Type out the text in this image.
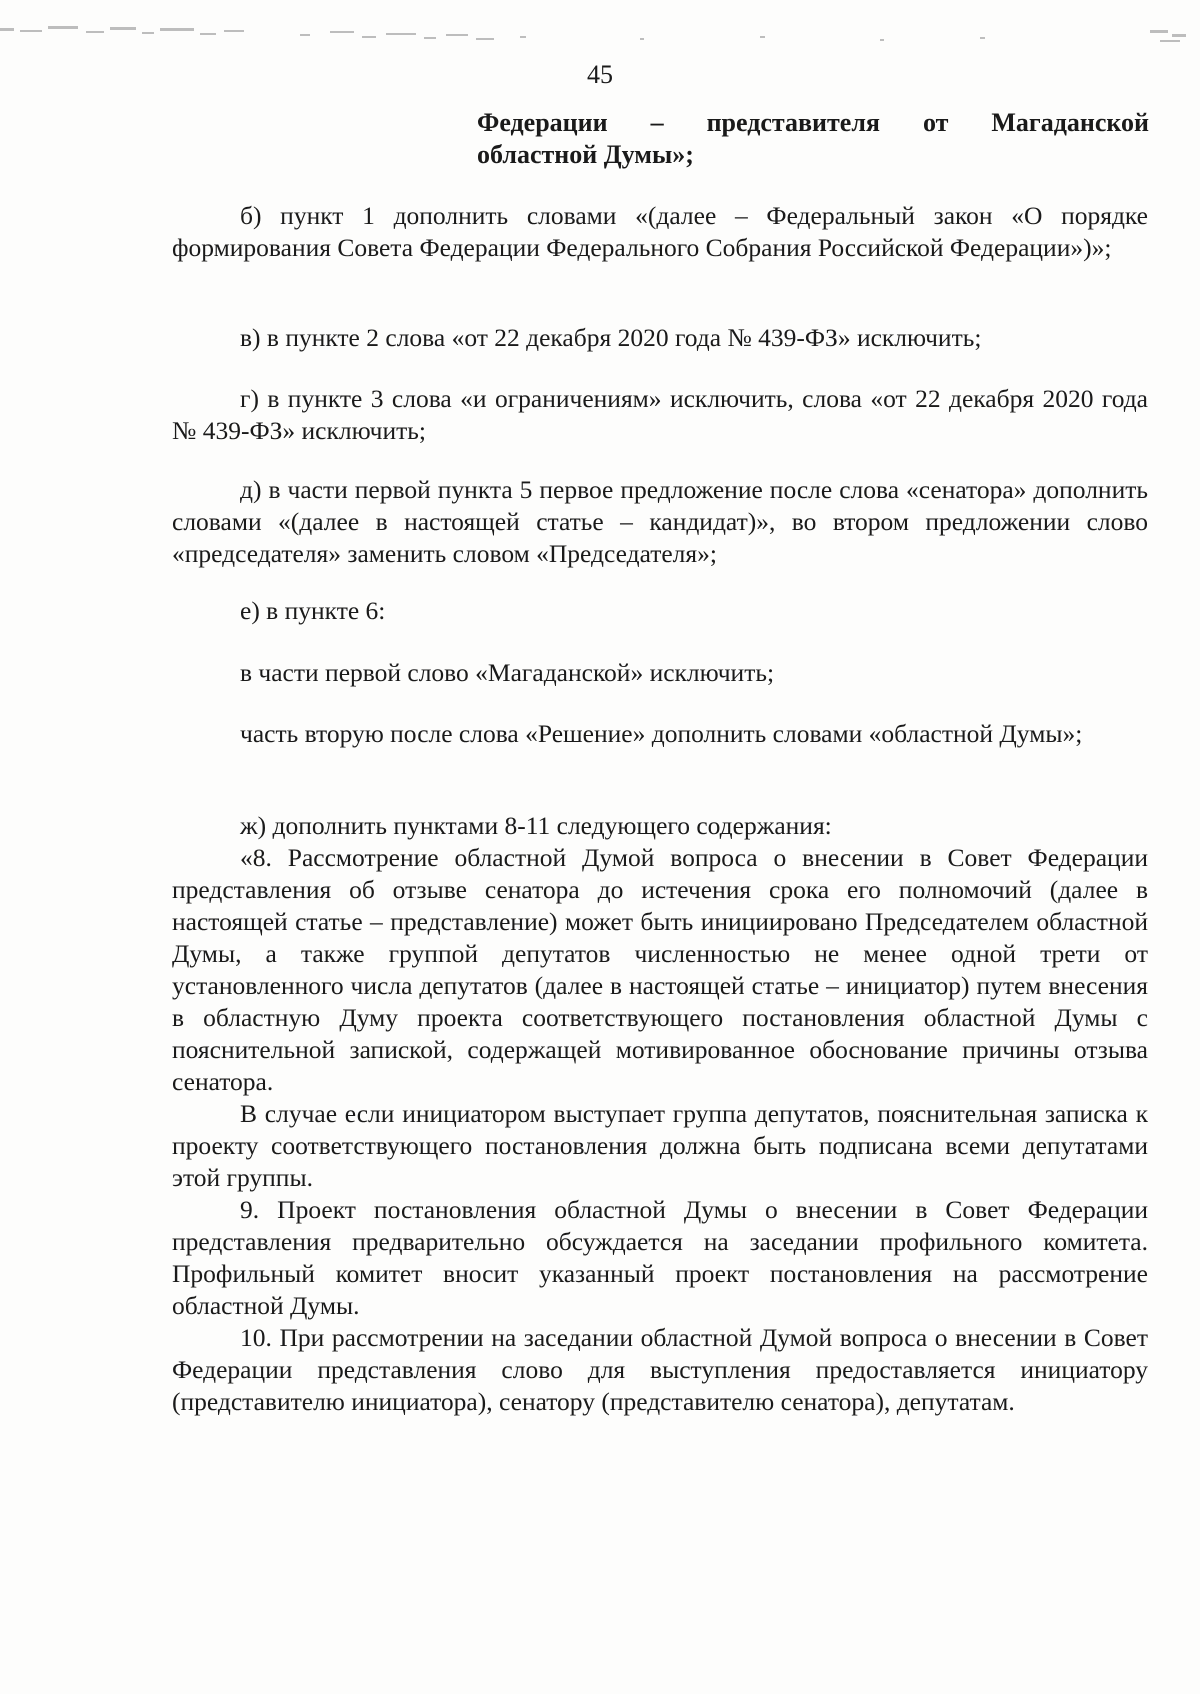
45
Федерации – представителя от Магаданской
областной Думы»;

б) пункт 1 дополнить словами «(далее – Федеральный закон «О порядке формирования Совета Федерации Федерального Собрания Российской Федерации»)»;

в) в пункте 2 слова «от 22 декабря 2020 года № 439-ФЗ» исключить;

г) в пункте 3 слова «и ограничениям» исключить, слова «от 22 декабря 2020 года № 439-ФЗ» исключить;

д) в части первой пункта 5 первое предложение после слова «сенатора» дополнить словами «(далее в настоящей статье – кандидат)», во втором предложении слово «председателя» заменить словом «Председателя»;

е) в пункте 6:

в части первой слово «Магаданской» исключить;

часть вторую после слова «Решение» дополнить словами «областной Думы»;

ж) дополнить пунктами 8-11 следующего содержания:

«8. Рассмотрение областной Думой вопроса о внесении в Совет Федерации представления об отзыве сенатора до истечения срока его полномочий (далее в настоящей статье – представление) может быть инициировано Председателем областной Думы, а также группой депутатов численностью не менее одной трети от установленного числа депутатов (далее в настоящей статье – инициатор) путем внесения в областную Думу проекта соответствующего постановления областной Думы с пояснительной запиской, содержащей мотивированное обоснование причины отзыва сенатора.

В случае если инициатором выступает группа депутатов, пояснительная записка к проекту соответствующего постановления должна быть подписана всеми депутатами этой группы.

9. Проект постановления областной Думы о внесении в Совет Федерации представления предварительно обсуждается на заседании профильного комитета. Профильный комитет вносит указанный проект постановления на рассмотрение областной Думы.

10. При рассмотрении на заседании областной Думой вопроса о внесении в Совет Федерации представления слово для выступления предоставляется инициатору (представителю инициатора), сенатору (представителю сенатора), депутатам.
